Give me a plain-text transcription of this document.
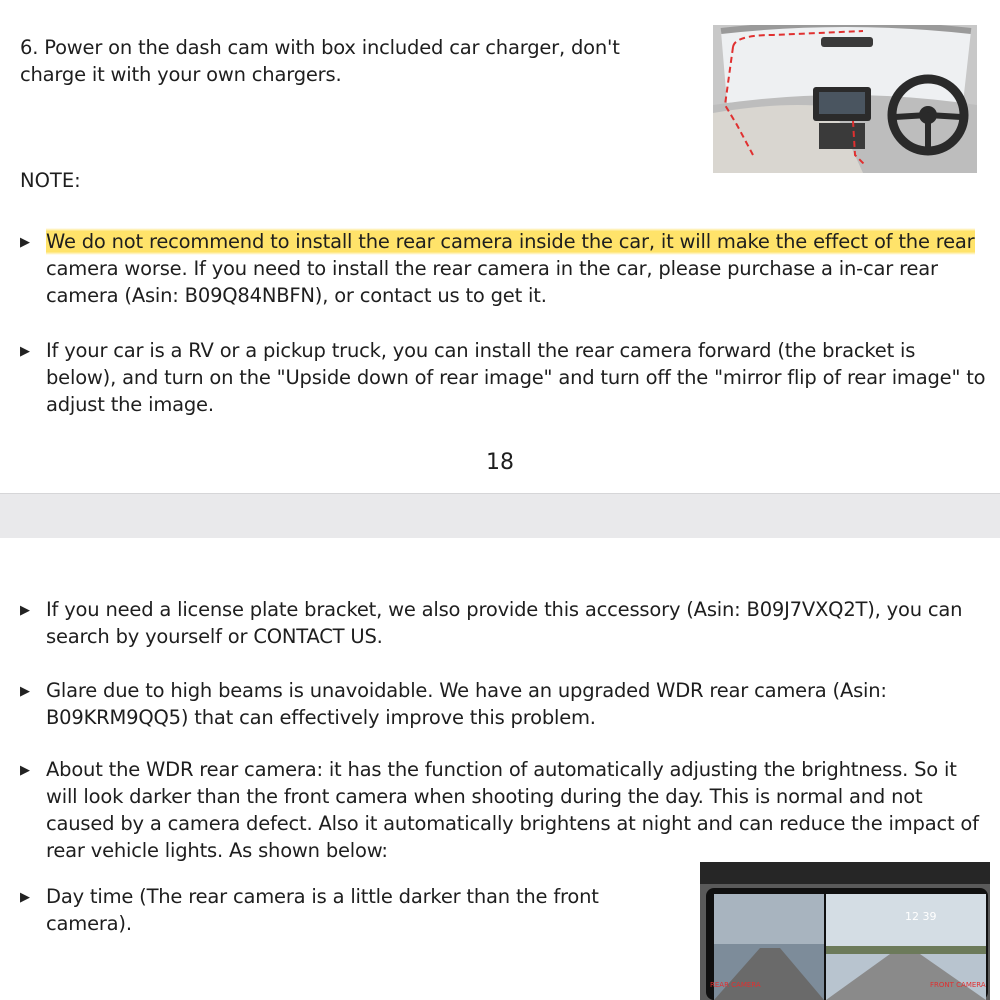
6. Power on the dash cam with box included car charger, don't charge it with your own chargers.
NOTE:
▶ We do not recommend to install the rear camera inside the car, it will make the effect of the rear camera worse. If you need to install the rear camera in the car, please purchase a in-car rear camera (Asin: B09Q84NBFN), or contact us to get it.
▶ If your car is a RV or a pickup truck, you can install the rear camera forward (the bracket is below), and turn on the "Upside down of rear image" and turn off the "mirror flip of rear image" to adjust the image.
18
▶ If you need a license plate bracket, we also provide this accessory (Asin: B09J7VXQ2T), you can search by yourself or CONTACT US.
▶ Glare due to high beams is unavoidable. We have an upgraded WDR rear camera (Asin: B09KRM9QQ5) that can effectively improve this problem.
▶ About the WDR rear camera: it has the function of automatically adjusting the brightness. So it will look darker than the front camera when shooting during the day. This is normal and not caused by a camera defect. Also it automatically brightens at night and can reduce the impact of rear vehicle lights. As shown below:
▶ Day time (The rear camera is a little darker than the front camera).	12 39
REAR CAMERA	FRONT CAMERA
